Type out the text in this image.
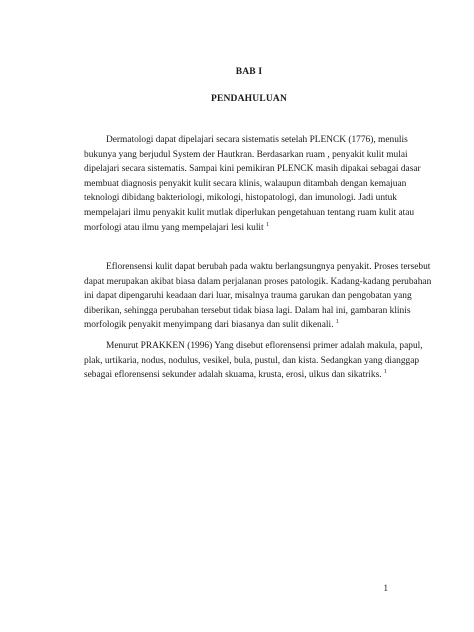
BAB I
PENDAHULUAN

Dermatologi dapat dipelajari secara sistematis setelah PLENCK (1776), menulis
bukunya yang berjudul System der Hautkran. Berdasarkan ruam , penyakit kulit mulai
dipelajari secara sistematis. Sampai kini pemikiran PLENCK masih dipakai sebagai dasar
membuat diagnosis penyakit kulit secara klinis, walaupun ditambah dengan kemajuan
teknologi dibidang bakteriologi, mikologi, histopatologi, dan imunologi. Jadi untuk
mempelajari ilmu penyakit kulit mutlak diperlukan pengetahuan tentang ruam kulit atau
morfologi atau ilmu yang mempelajari lesi kulit $^1$

Eflorensensi kulit dapat berubah pada waktu berlangsungnya penyakit. Proses tersebut
dapat merupakan akibat biasa dalam perjalanan proses patologik. Kadang-kadang perubahan
ini dapat dipengaruhi keadaan dari luar, misalnya trauma garukan dan pengobatan yang
diberikan, sehingga perubahan tersebut tidak biasa lagi. Dalam hal ini, gambaran klinis
morfologik penyakit menyimpang dari biasanya dan sulit dikenali. $^1$

Menurut PRAKKEN (1996) Yang disebut eflorensensi primer adalah makula, papul,
plak, urtikaria, nodus, nodulus, vesikel, bula, pustul, dan kista. Sedangkan yang dianggap
sebagai eflorensensi sekunder adalah skuama, krusta, erosi, ulkus dan sikatriks. $^1$

1
